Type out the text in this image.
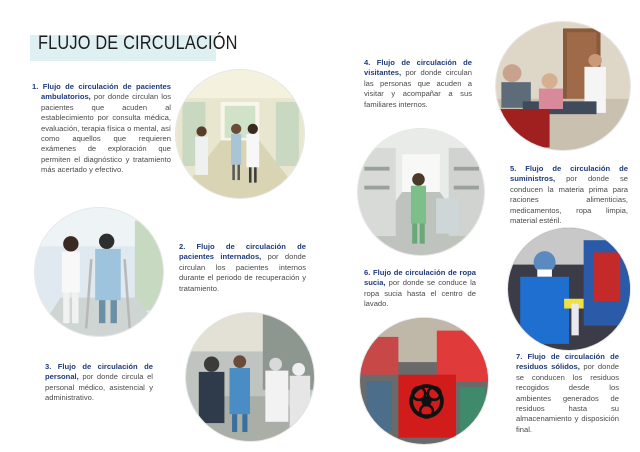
FLUJO DE CIRCULACIÓN
1. Flujo de circulación de pacientes ambulatorios, por donde circulan los pacientes que acuden al establecimiento por consulta médica, evaluación, terapia física o mental, así como aquellos que requieren exámenes de exploración que permiten el diagnóstico y tratamiento más acertado y efectivo.
2. Flujo de circulación de pacientes internados, por donde circulan los pacientes internos durante el periodo de recuperación y tratamiento.
3. Flujo de circulación de personal, por donde circula el personal médico, asistencial y administrativo.
4. Flujo de circulación de visitantes, por donde circulan las personas que acuden a visitar y acompañar a sus familiares internos.
5. Flujo de circulación de suministros, por donde se conducen la materia prima para raciones alimenticias, medicamentos, ropa limpia, material estéril.
6. Flujo de circulación de ropa sucia, por donde se conduce la ropa sucia hasta el centro de lavado.
7. Flujo de circulación de residuos sólidos, por donde se conducen los residuos recogidos desde los ambientes generados de residuos hasta su almacenamiento y disposición final.
